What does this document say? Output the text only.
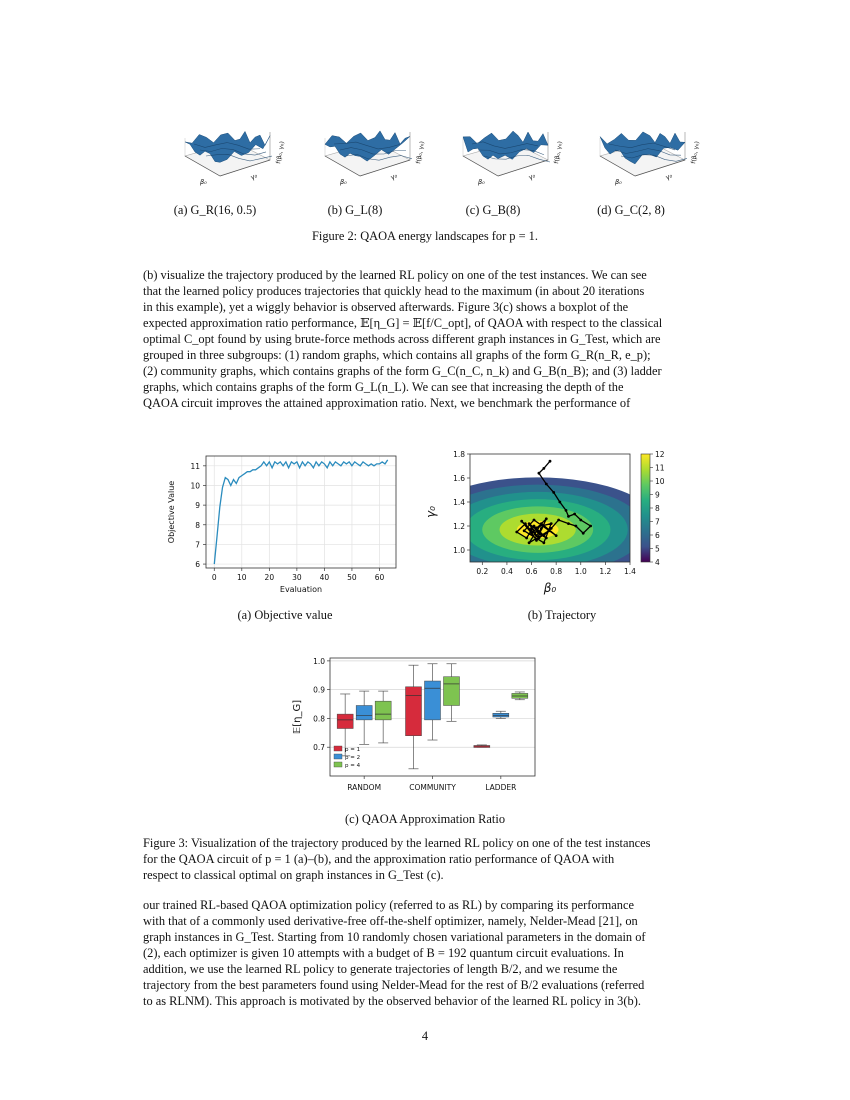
β₀
γ₀
f(β₀, γ₀)
β₀
γ₀
f(β₀, γ₀)
β₀
γ₀
f(β₀, γ₀)
β₀
γ₀
f(β₀, γ₀)
(a) G_R(16, 0.5)	(b) G_L(8)	(c) G_B(8)	(d) G_C(2, 8)
Figure 2: QAOA energy landscapes for p = 1.
(b) visualize the trajectory produced by the learned RL policy on one of the test instances. We can see
that the learned policy produces trajectories that quickly head to the maximum (in about 20 iterations
in this example), yet a wiggly behavior is observed afterwards. Figure 3(c) shows a boxplot of the
expected approximation ratio performance, 𝔼[η_G] = 𝔼[f/C_opt], of QAOA with respect to the classical
optimal C_opt found by using brute-force methods across different graph instances in G_Test, which are
grouped in three subgroups: (1) random graphs, which contains all graphs of the form G_R(n_R, e_p);
(2) community graphs, which contains graphs of the form G_C(n_C, n_k) and G_B(n_B); and (3) ladder
graphs, which contains graphs of the form G_L(n_L). We can see that increasing the depth of the
QAOA circuit improves the attained approximation ratio. Next, we benchmark the performance of
0	10 20 30 40 50 60
6
7
8
9
10
11
Evaluation
Objective Value
(a) Objective value
0.2 0.4 0.6 0.8 1.0 1.2 1.4
1.0
1.2
1.4
1.6
1.8
β₀
γ₀
4
5
6
7
8
9
10
11
12
(b) Trajectory
0.7
0.8
0.9
1.0
RANDOM	COMMUNITY	LADDER
p = 1
p = 2
p = 4
𝔼[η_G]
(c) QAOA Approximation Ratio
Figure 3: Visualization of the trajectory produced by the learned RL policy on one of the test instances
for the QAOA circuit of p = 1 (a)–(b), and the approximation ratio performance of QAOA with
respect to classical optimal on graph instances in G_Test (c).
our trained RL-based QAOA optimization policy (referred to as RL) by comparing its performance
with that of a commonly used derivative-free off-the-shelf optimizer, namely, Nelder-Mead [21], on
graph instances in G_Test. Starting from 10 randomly chosen variational parameters in the domain of
(2), each optimizer is given 10 attempts with a budget of B = 192 quantum circuit evaluations. In
addition, we use the learned RL policy to generate trajectories of length B/2, and we resume the
trajectory from the best parameters found using Nelder-Mead for the rest of B/2 evaluations (referred
to as RLNM). This approach is motivated by the observed behavior of the learned RL policy in 3(b).
4
